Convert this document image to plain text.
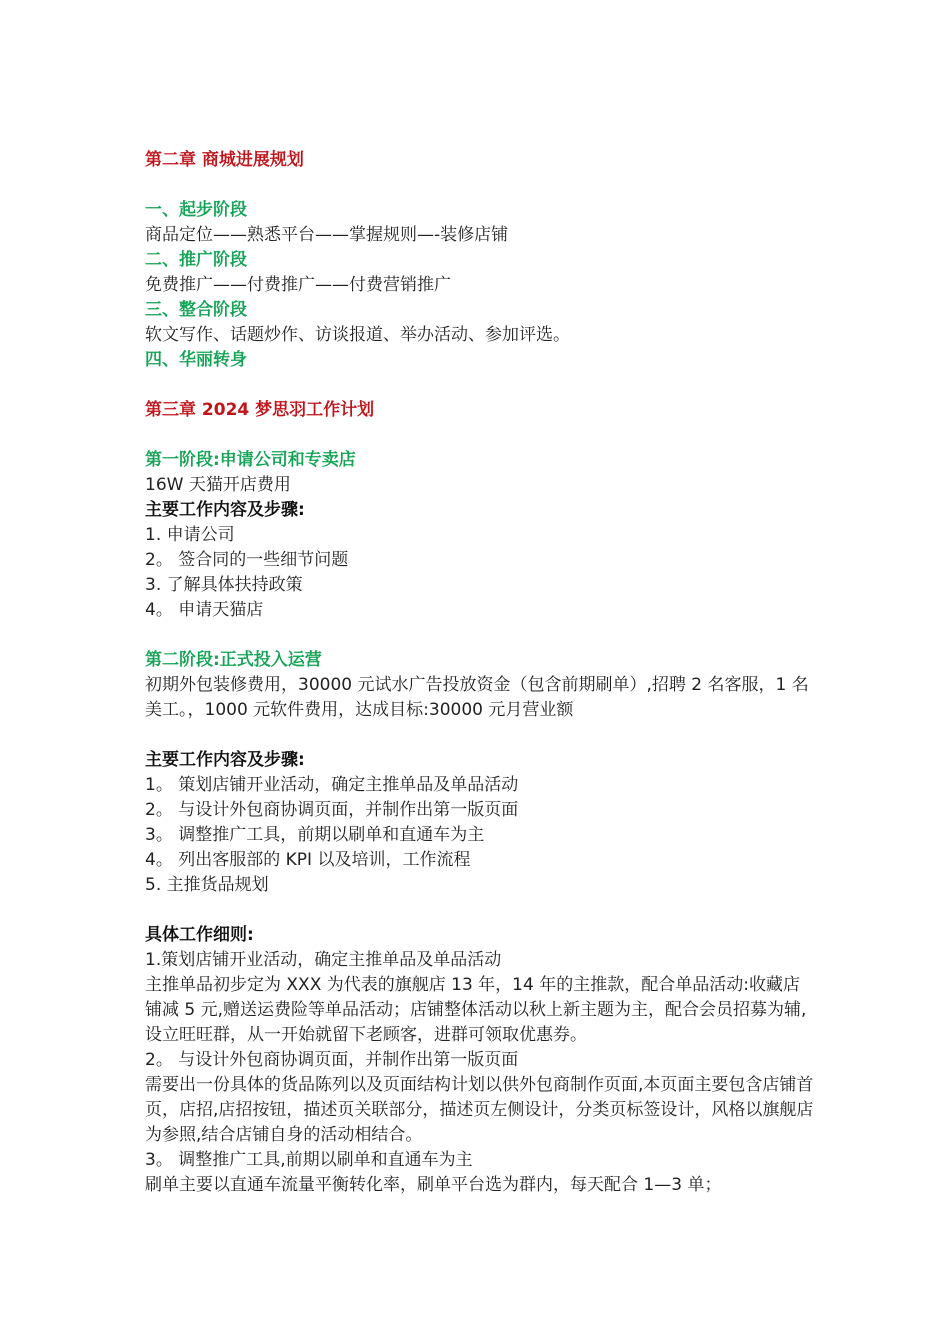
第二章 商城进展规划
一、起步阶段
商品定位——熟悉平台——掌握规则—-装修店铺
二、推广阶段
免费推广——付费推广——付费营销推广
三、整合阶段
软文写作、话题炒作、访谈报道、举办活动、参加评选。
四、华丽转身
第三章 2024 梦思羽工作计划
第一阶段:申请公司和专卖店
16W 天猫开店费用
主要工作内容及步骤:
1. 申请公司
2。 签合同的一些细节问题
3. 了解具体扶持政策
4。 申请天猫店
第二阶段:正式投入运营
初期外包装修费用，30000 元试水广告投放资金（包含前期刷单）,招聘 2 名客服，1 名美工。，1000 元软件费用，达成目标:30000 元月营业额
主要工作内容及步骤:
1。 策划店铺开业活动，确定主推单品及单品活动
2。 与设计外包商协调页面，并制作出第一版页面
3。 调整推广工具，前期以刷单和直通车为主
4。 列出客服部的 KPI 以及培训，工作流程
5. 主推货品规划
具体工作细则:
1.策划店铺开业活动，确定主推单品及单品活动
主推单品初步定为 XXX 为代表的旗舰店 13 年，14 年的主推款，配合单品活动:收藏店铺减 5 元,赠送运费险等单品活动；店铺整体活动以秋上新主题为主，配合会员招募为辅,设立旺旺群，从一开始就留下老顾客，进群可领取优惠券。
2。 与设计外包商协调页面，并制作出第一版页面
需要出一份具体的货品陈列以及页面结构计划以供外包商制作页面,本页面主要包含店铺首页，店招,店招按钮，描述页关联部分，描述页左侧设计，分类页标签设计，风格以旗舰店为参照,结合店铺自身的活动相结合。
3。 调整推广工具,前期以刷单和直通车为主
刷单主要以直通车流量平衡转化率，刷单平台选为群内，每天配合 1—3 单；
